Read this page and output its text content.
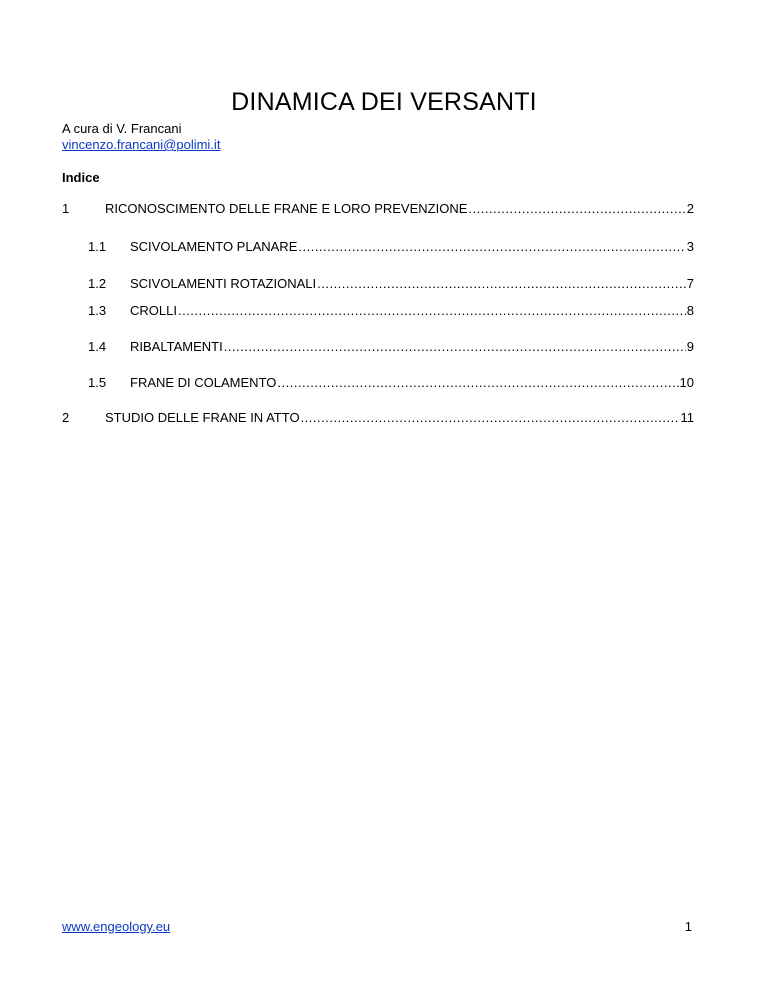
DINAMICA DEI VERSANTI
A cura di V. Francani
vincenzo.francani@polimi.it
Indice
1	RICONOSCIMENTO DELLE FRANE E LORO PREVENZIONE .....	2
1.1	SCIVOLAMENTO PLANARE .....	3
1.2	SCIVOLAMENTI ROTAZIONALI .....	7
1.3	CROLLI .....	8
1.4	RIBALTAMENTI .....	9
1.5	FRANE DI COLAMENTO .....	10
2	STUDIO DELLE FRANE IN ATTO .....	11
www.engeology.eu	1
